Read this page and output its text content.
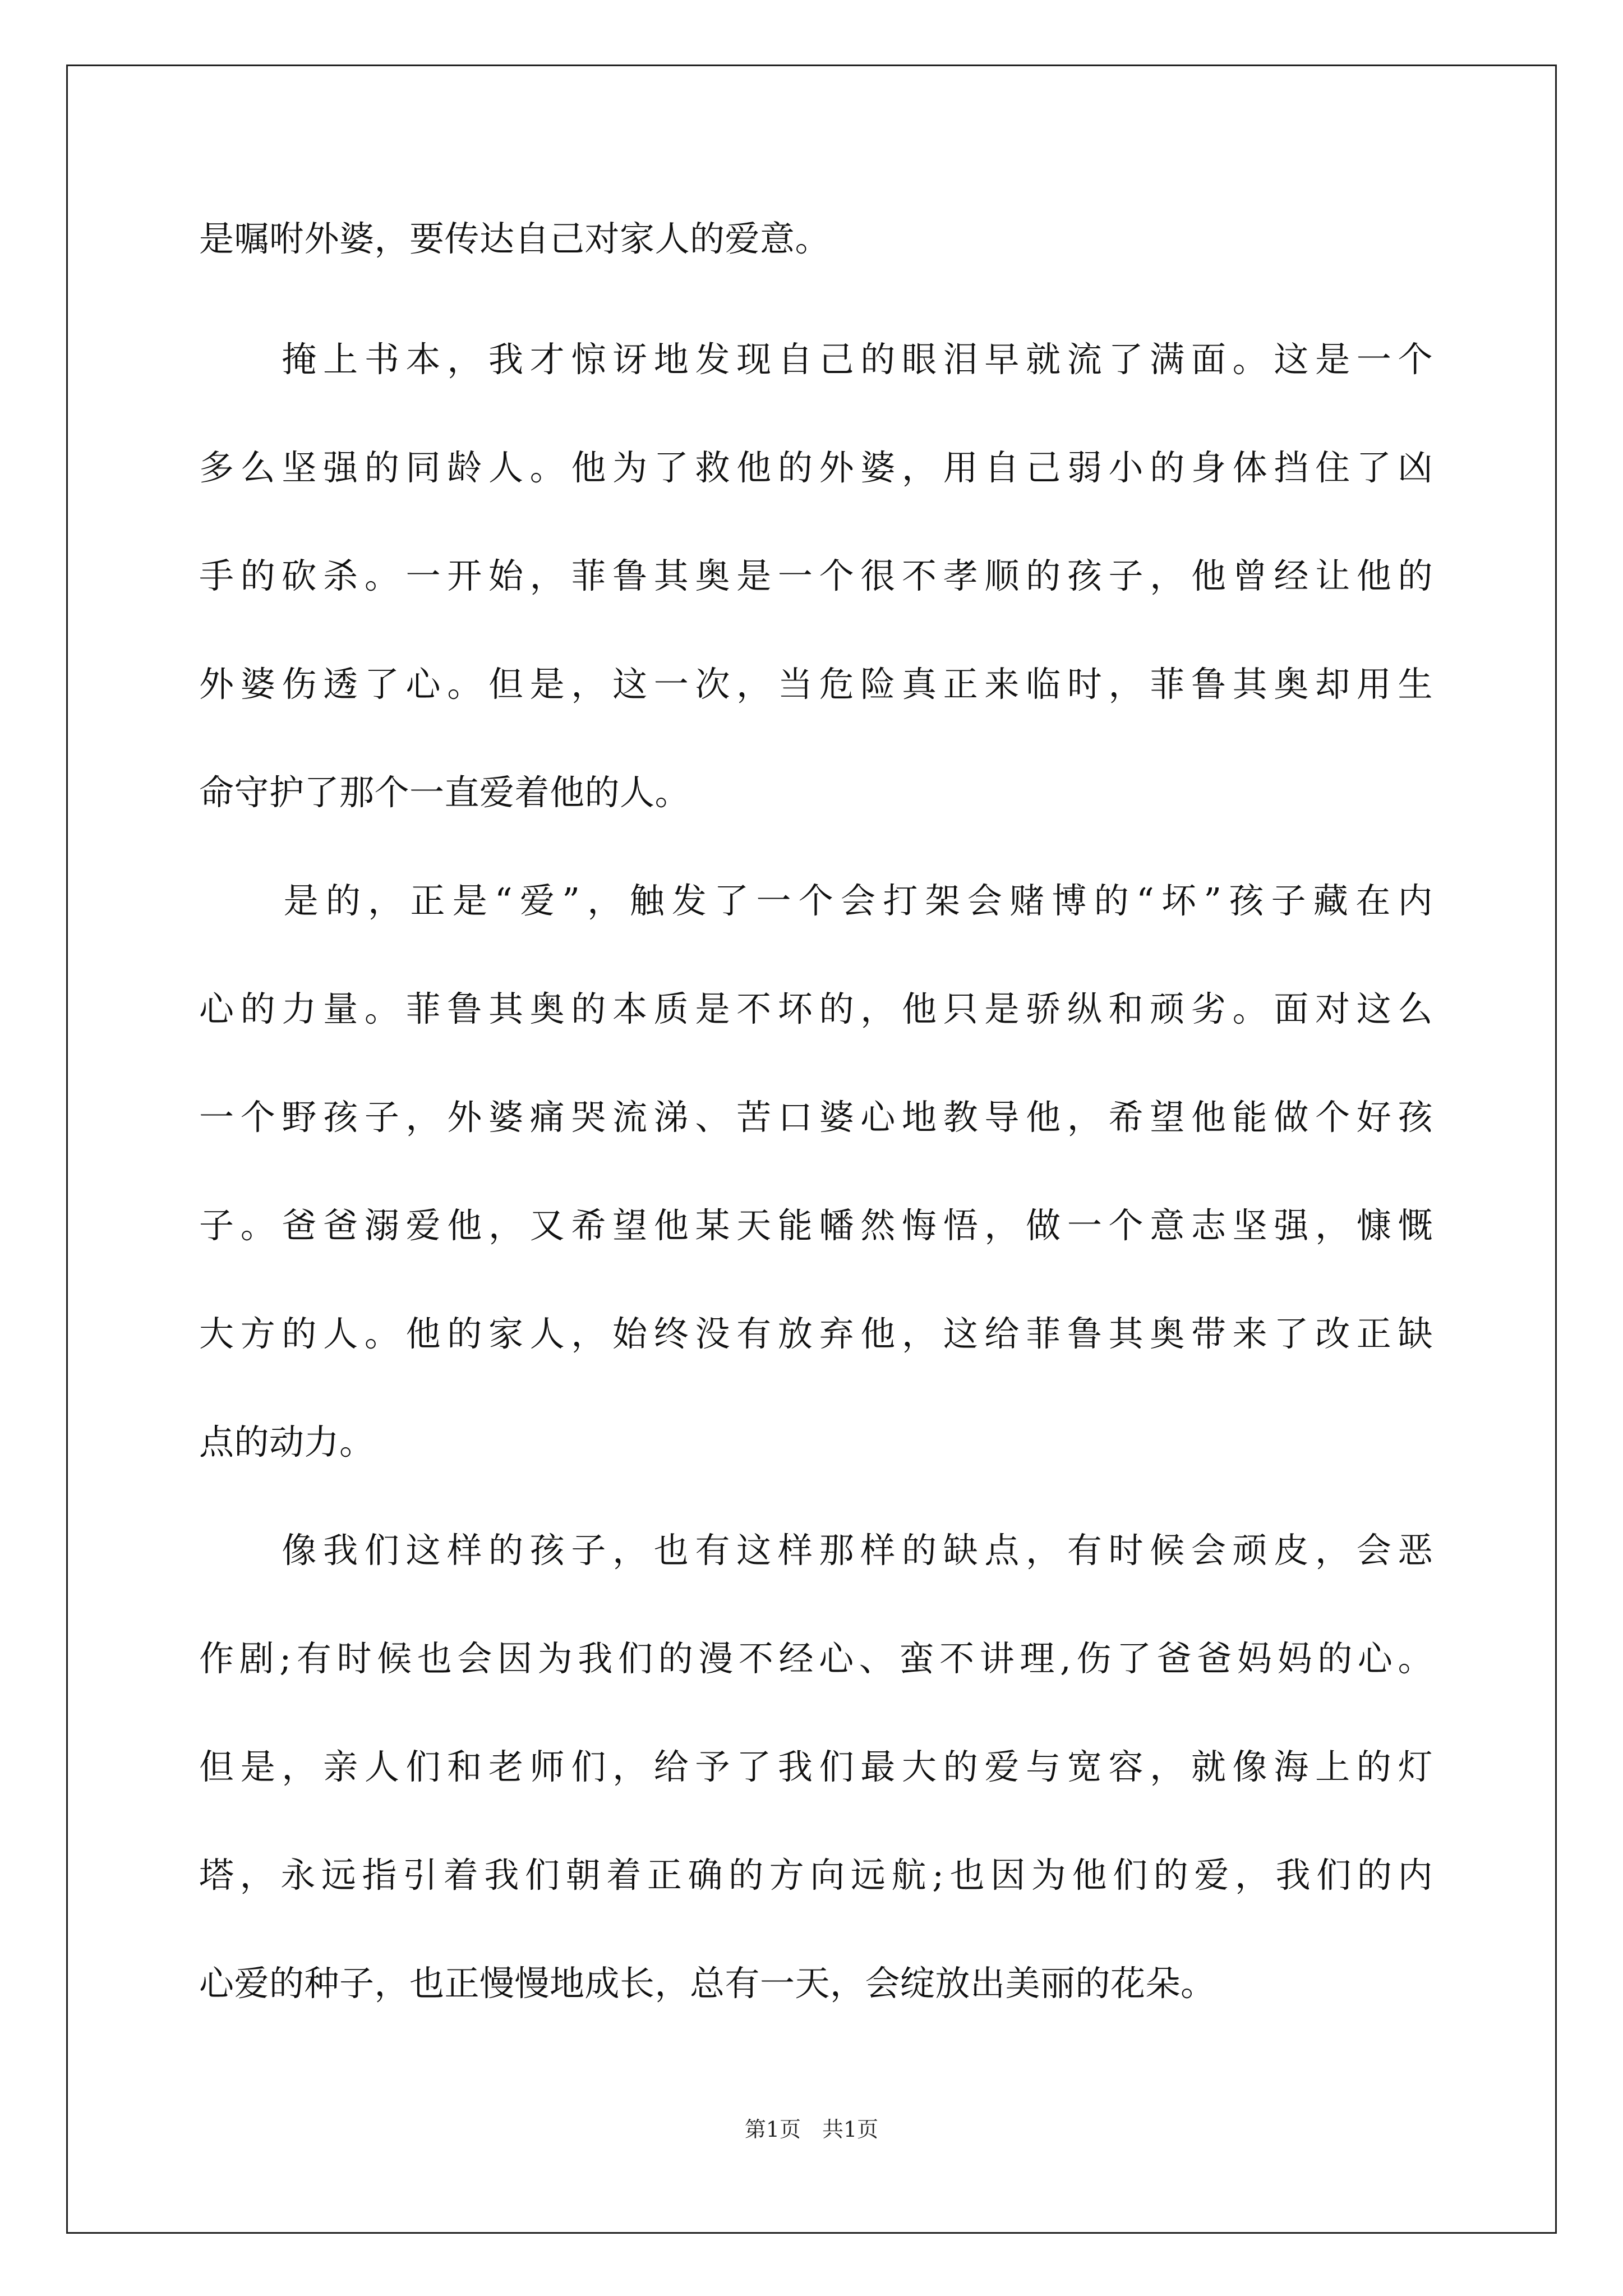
是嘱咐外婆，要传达自己对家人的爱意。
　　掩上书本，我才惊讶地发现自己的眼泪早就流了满面。这是一个
多么坚强的同龄人。他为了救他的外婆，用自己弱小的身体挡住了凶
手的砍杀。一开始，菲鲁其奥是一个很不孝顺的孩子，他曾经让他的
外婆伤透了心。但是，这一次，当危险真正来临时，菲鲁其奥却用生
命守护了那个一直爱着他的人。
　　是的，正是“爱”，触发了一个会打架会赌博的“坏”孩子藏在内
心的力量。菲鲁其奥的本质是不坏的，他只是骄纵和顽劣。面对这么
一个野孩子，外婆痛哭流涕、苦口婆心地教导他，希望他能做个好孩
子。爸爸溺爱他，又希望他某天能幡然悔悟，做一个意志坚强，慷慨
大方的人。他的家人，始终没有放弃他，这给菲鲁其奥带来了改正缺
点的动力。
　　像我们这样的孩子，也有这样那样的缺点，有时候会顽皮，会恶
作剧;有时候也会因为我们的漫不经心、蛮不讲理,伤了爸爸妈妈的心。
但是，亲人们和老师们，给予了我们最大的爱与宽容，就像海上的灯
塔，永远指引着我们朝着正确的方向远航;也因为他们的爱，我们的内
心爱的种子，也正慢慢地成长，总有一天，会绽放出美丽的花朵。
第1页　共1页
